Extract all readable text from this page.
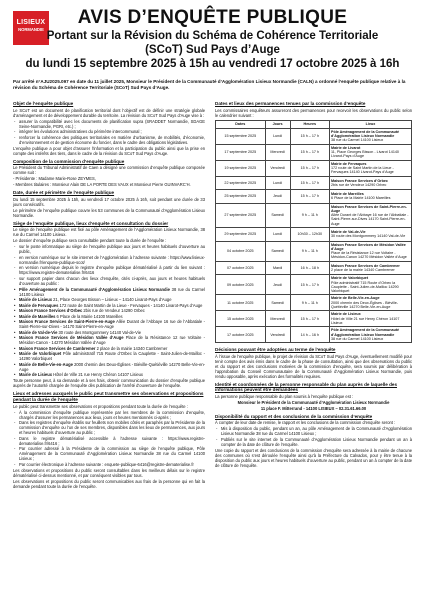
LISIEUX
NORMANDIE
AVIS D’ENQUÊTE PUBLIQUE
Portant sur la Révision du Schéma de Cohérence Territoriale
(SCoT) Sud Pays d’Auge
du lundi 15 septembre 2025 à 15h au vendredi 17 octobre 2025 à 16h
Par arrêté n°AJU2025.097 en date du 11 juillet 2025, Monsieur le Président de la Communauté d’Agglomération Lisieux Normandie (CALN) a ordonné l’enquête publique relative à la révision du Schéma de Cohérence Territoriale (SCoT) Sud Pays d’Auge.
Objet de l’enquête publique

Le SCoT est un document de planification territorial dont l’objectif est de définir une stratégie globale d’aménagement et de développement durable du territoire. La révision du SCoT Sud Pays d’Auge vise à :

- assurer la compatibilité avec les documents de planification supra (SRADDET Normandie, SDAGE Seine-Normandie, PGRI, etc.) ;
- intégrer les évolutions administratives du périmètre intercommunal ;
- renforcer la cohérence des politiques territoriales en matière d’urbanisme, de mobilités, d’économie, d’environnement et de gestion économe du foncier, dans le cadre des obligations législatives.

L’enquête publique a pour objet d’assurer l’information et la participation du public ainsi que la prise en compte des intérêts des tiers, dans le cadre de la révision du SCoT Sud Pays d’Auge.

Composition de la commission d’enquête publique

Le Président du Tribunal Administratif de Caen a désigné une commission d’enquête publique composée comme suit :

- Présidente : Madame Marie-Rose ZEYMES,

- Membres titulaires : Monsieur Alain DE LA PORTE DES VAUX et Monsieur Pierre GUINVARC’H.

Date, durée et périmètre de l’enquête publique

Du lundi 15 septembre 2025 à 15h, au vendredi 17 octobre 2025 à 16h, soit pendant une durée de 33 jours consécutifs.

Le périmètre de l’enquête publique couvre les 53 communes de la Communauté d’Agglomération Lisieux Normandie.

Siège de l’enquête publique, lieux d’enquête et consultation du dossier

Le siège de l’enquête publique est fixé au pôle Aménagement de l’Agglomération Lisieux Normandie, 38 rue du Carmel 14100 Lisieux.

Le dossier d’enquête publique sera consultable pendant toute la durée de l’enquête :

- sur le poste informatique au siège de l’enquête publique aux jours et heures habituels d’ouverture au public,
- en version numérique sur le site internet de l’Agglomération à l’adresse suivante : https://www.lisieux-normandie.fr/enquete-publique-scot/
- en version numérique depuis le registre d’enquête publique dématérialisé à partir du lien suivant : https://www.registre-dematerialise.fr/6416
- sur support papier dans chacun des lieux d’enquête, cités ci-après, aux jours et heures habituels d’ouverture au public :
• Pôle Aménagement de la Communauté d’Agglomération Lisieux Normandie 38 rue du Carmel 14100 Lisieux
• Mairie de Lisieux 21, Place Georges Bisson – Lisieux – 14140 Livarot-Pays d’Auge
• Mairie de Fervaques 172 route de Saint Martin de la Lieue - Fervaques - 14140 Livarot-Pays d’Auge
• Maison France Services d’Orbec 2bis rue de Vendeur 14290 Orbec
• Mairie de Mareilles 6 Place de la Mairie 14100 Mareilles
• Maison France Services de Saint-Pierre-en-Auge Allée Durant de l’Abbaye 16 rue de l’Abbatiale - Saint-Pierre-sur-Dives - 14170 Saint-Pierre-en-Auge
• Mairie de Val-de-Vie 30 route des Montgommery 14140 Val-de-Vie
• Maison France Services de Mésidon Vallée d’Auge Place de la Résistance 12 rue Voltaire - Mésidon-Canon - 14270 Mésidon Vallée d’Auge
• Maison France Services de Cambremer 2 place de la mairie 14340 Cambremer
• Mairie de Valorbiquet Pôle administratif 715 Route d’Orbec la Cauplette - Saint-Julien-de-Mailloc - 14290 Valorbiquet
• Mairie de Belle-Vie-en-Auge 2000 chemin des Deux-Églises - Biéville-Quétiéville 14270 Belle-Vie-en-Auge
• Mairie de Lisieux Hôtel de Ville 21 rue Henry Chéron 14107 Lisieux

Toute personne peut, à sa demande et à ses frais, obtenir communication du dossier d’enquête publique auprès de l’autorité chargée de l’enquête dès publication de l’arrêté d’ouverture de l’enquête.

Lieux et adresses auxquels le public peut transmettre ses observations et propositions pendant la durée de l’enquête

Le public peut transmettre ses observations et propositions pendant toute la durée de l’enquête :

- À la commission d’enquête publique représentée par les membres de la commission d’enquête, chargés d’assurer les permanences aux lieux, jours et heures mentionnés ci-après ;
- Dans les registres d’enquête établis sur feuillets non mobiles côtés et paraphés par la Présidente de la commission d’enquête ou l’un de ses membres, disponibles dans les lieux de permanences, aux jours et heures habituels d’ouverture au public ;
- Dans le registre dématérialisé accessible à l’adresse suivante : https://www.registre-dematerialise.fr/6416 ;
- Par courrier adressé à la Présidente de la commission au siège de l’enquête publique, Pôle Aménagement de la Communauté d’Agglomération Lisieux Normandie 38 rue du Carmel 14100 Lisieux ;
- Par courrier électronique à l’adresse suivante : enquete-publique-6416@registre-dematerialise.fr

Les observations et propositions du public seront consultables dans les meilleurs délais sur le registre dématérialisé ci-dessus mentionné, et par conséquent visibles par tous.

Les observations et propositions du public seront communicables aux frais de la personne qui en fait la demande pendant toute la durée de l’enquête.

Dates et lieux des permanences tenues par la commission d’enquête

Les commissaires enquêteurs assureront des permanences pour recevoir les observations du public selon le calendrier suivant :

Dates	Jours	Heures	Lieux
15 septembre 2025	Lundi	15 h – 17 h	Pôle Aménagement de la Communauté d’Agglomération Lisieux Normandie
38 rue du Carmel 14100 Lisieux

17 septembre 2025	Mercredi	15 h – 17 h	Mairie de Livarot
11, Place Georges Bisson - Livarot 14140 Livarot-Pays d’Auge

19 septembre 2025	Vendredi	15 h – 17 h	Mairie de Fervaques
172 route de Saint Martin de la Lieue - Fervaques 14140 Livarot-Pays d’Auge

22 septembre 2025	Lundi	15 h – 17 h	Maison France Services d’Orbec
2bis rue de Vendeur 14290 Orbec

25 septembre 2025	Jeudi	15 h – 17 h	Mairie de Mareilles
6 Place de la Mairie 14100 Mareilles

27 septembre 2025	Samedi	9 h – 11 h	Maison France Services de Saint-Pierre-en-Auge
Allée Durant de l’Abbaye 16 rue de l’Abbatiale - Saint-Pierre-sur-Dives 14170 Saint-Pierre-en-Auge

29 septembre 2025	Lundi	10h30 – 12h30	Mairie de Val-de-Vie
30 route des Montgommery 14140 Val-de-Vie

04 octobre 2025	Samedi	9 h – 11 h	Maison France Services de Mésidon Vallée d’Auge
Place de la Résistance 12 rue Voltaire - Mésidon-Canon 14270 Mésidon Vallée d’Auge

07 octobre 2025	Mardi	16 h – 18 h	Maison France Services de Cambremer
2 place de la mairie 14340 Cambremer

09 octobre 2025	Jeudi	15 h – 17 h	Mairie de Valorbiquet
Pôle administratif 715 Route d’Orbec la Cauplette - Saint-Julien-de-Mailloc 14290 Valorbiquet

11 octobre 2025	Samedi	9 h – 11 h	Mairie de Belle-Vie-en-Auge
2000 chemin des Deux-Églises - Biéville-Quétiéville 14270 Belle-Vie-en-Auge

15 octobre 2025	Mercredi	15 h – 17 h	Mairie de Lisieux
Hôtel de Ville 21 rue Henry Chéron 14107 Lisieux

17 octobre 2025	Vendredi	14 h – 16 h	Pôle Aménagement de la Communauté d’Agglomération Lisieux Normandie
38 rue du Carmel 14100 Lisieux
Décisions pouvant être adoptées au terme de l’enquête

À l’issue de l’enquête publique, le projet de révision du SCoT Sud Pays d’Auge, éventuellement modifié pour tenir compte des avis émis dans le cadre de la phase de consultation, ainsi que des observations du public et du rapport et des conclusions motivées de la commission d’enquête, sera soumis par délibération à l’approbation du Conseil Communautaire de la Communauté d’Agglomération Lisieux Normandie, puis rendu opposable, après exécution des formalités requises.

Identité et coordonnées de la personne responsable du plan auprès de laquelle des informations peuvent être demandées

La personne publique responsable du plan soumis à l’enquête publique est :

Monsieur le Président de la Communauté d’Agglomération Lisieux Normandie

11 place F. Mitterrand - 14100 LISIEUX – 02.31.61.66.00

Disponibilité du rapport et des conclusions de la commission d’enquête

À compter de leur date de remise, le rapport et les conclusions de la commission d’enquête seront :

- Mis à disposition du public, pendant un an, au pôle Aménagement de la Communauté d’Agglomération Lisieux Normandie 38 rue du Carmel 14100 Lisieux ;
- Publiés sur le site internet de la Communauté d’Agglomération Lisieux Normandie pendant un an à compter de la date de clôture de l’enquête.

Une copie du rapport et des conclusions de la commission d’enquête sera adressée à la mairie de chacune des communes où s’est déroulée l’enquête ainsi qu’à la Préfecture du Calvados, pour y être tenue à la disposition du public aux jours et heures habituels d’ouverture au public, pendant un an à compter de la date de clôture de l’enquête.
